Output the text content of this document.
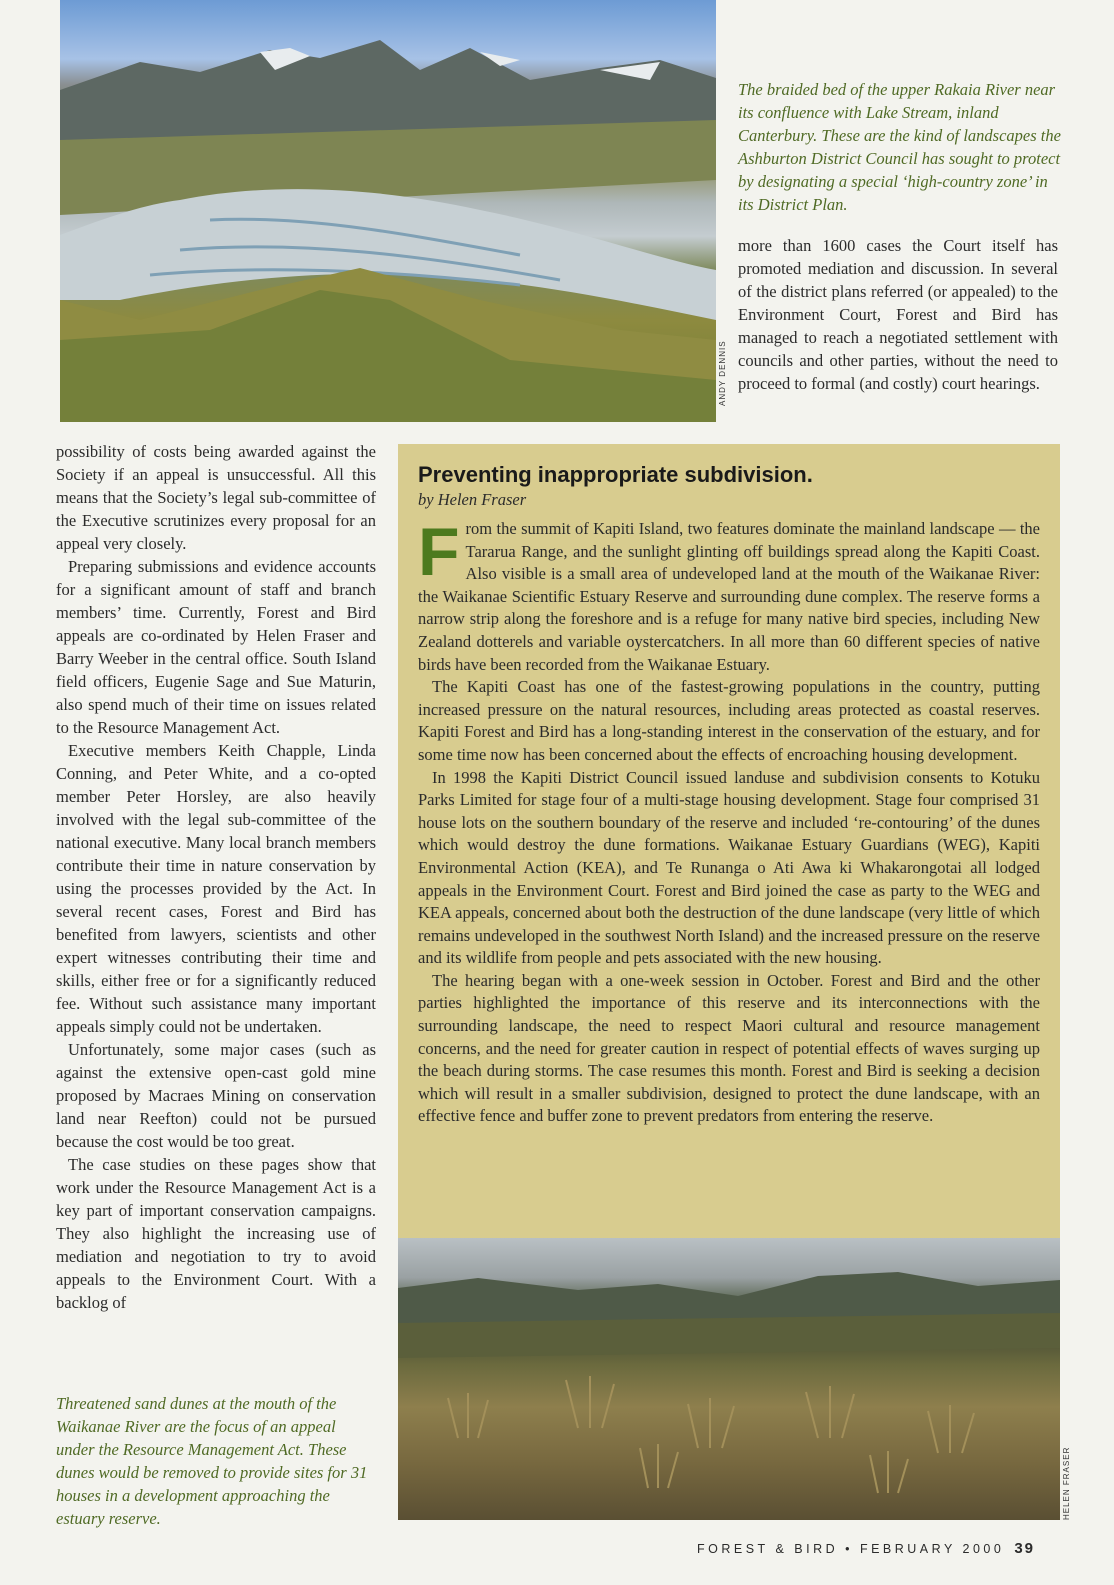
ANDY DENNIS

The braided bed of the upper Rakaia River near its confluence with Lake Stream, inland Canterbury. These are the kind of landscapes the Ashburton District Council has sought to protect by designating a special ‘high-country zone’ in its District Plan.

more than 1600 cases the Court itself has promoted mediation and discussion. In several of the district plans referred (or appealed) to the Environment Court, Forest and Bird has managed to reach a negotiated settlement with councils and other parties, without the need to proceed to formal (and costly) court hearings.

possibility of costs being awarded against the Society if an appeal is unsuccessful. All this means that the Society’s legal sub-committee of the Executive scrutinizes every proposal for an appeal very closely.

Preparing submissions and evidence accounts for a significant amount of staff and branch members’ time. Currently, Forest and Bird appeals are co-ordinated by Helen Fraser and Barry Weeber in the central office. South Island field officers, Eugenie Sage and Sue Maturin, also spend much of their time on issues related to the Resource Management Act.

Executive members Keith Chapple, Linda Conning, and Peter White, and a co-opted member Peter Horsley, are also heavily involved with the legal sub-committee of the national executive. Many local branch members contribute their time in nature conservation by using the processes provided by the Act. In several recent cases, Forest and Bird has benefited from lawyers, scientists and other expert witnesses contributing their time and skills, either free or for a significantly reduced fee. Without such assistance many important appeals simply could not be undertaken.

Unfortunately, some major cases (such as against the extensive open-cast gold mine proposed by Macraes Mining on conservation land near Reefton) could not be pursued because the cost would be too great.

The case studies on these pages show that work under the Resource Management Act is a key part of important conservation campaigns. They also highlight the increasing use of mediation and negotiation to try to avoid appeals to the Environment Court. With a backlog of

Threatened sand dunes at the mouth of the Waikanae River are the focus of an appeal under the Resource Management Act. These dunes would be removed to provide sites for 31 houses in a development approaching the estuary reserve.

Preventing inappropriate subdivision.
by Helen Fraser

From the summit of Kapiti Island, two features dominate the mainland landscape — the Tararua Range, and the sunlight glinting off buildings spread along the Kapiti Coast. Also visible is a small area of undeveloped land at the mouth of the Waikanae River: the Waikanae Scientific Estuary Reserve and surrounding dune complex. The reserve forms a narrow strip along the foreshore and is a refuge for many native bird species, including New Zealand dotterels and variable oystercatchers. In all more than 60 different species of native birds have been recorded from the Waikanae Estuary.

The Kapiti Coast has one of the fastest-growing populations in the country, putting increased pressure on the natural resources, including areas protected as coastal reserves. Kapiti Forest and Bird has a long-standing interest in the conservation of the estuary, and for some time now has been concerned about the effects of encroaching housing development.

In 1998 the Kapiti District Council issued landuse and subdivision consents to Kotuku Parks Limited for stage four of a multi-stage housing development. Stage four comprised 31 house lots on the southern boundary of the reserve and included ‘re-contouring’ of the dunes which would destroy the dune formations. Waikanae Estuary Guardians (WEG), Kapiti Environmental Action (KEA), and Te Runanga o Ati Awa ki Whakarongotai all lodged appeals in the Environment Court. Forest and Bird joined the case as party to the WEG and KEA appeals, concerned about both the destruction of the dune landscape (very little of which remains undeveloped in the southwest North Island) and the increased pressure on the reserve and its wildlife from people and pets associated with the new housing.

The hearing began with a one-week session in October. Forest and Bird and the other parties highlighted the importance of this reserve and its interconnections with the surrounding landscape, the need to respect Maori cultural and resource management concerns, and the need for greater caution in respect of potential effects of waves surging up the beach during storms. The case resumes this month. Forest and Bird is seeking a decision which will result in a smaller subdivision, designed to protect the dune landscape, with an effective fence and buffer zone to prevent predators from entering the reserve.

HELEN FRASER
FOREST & BIRD • FEBRUARY 2000 39
